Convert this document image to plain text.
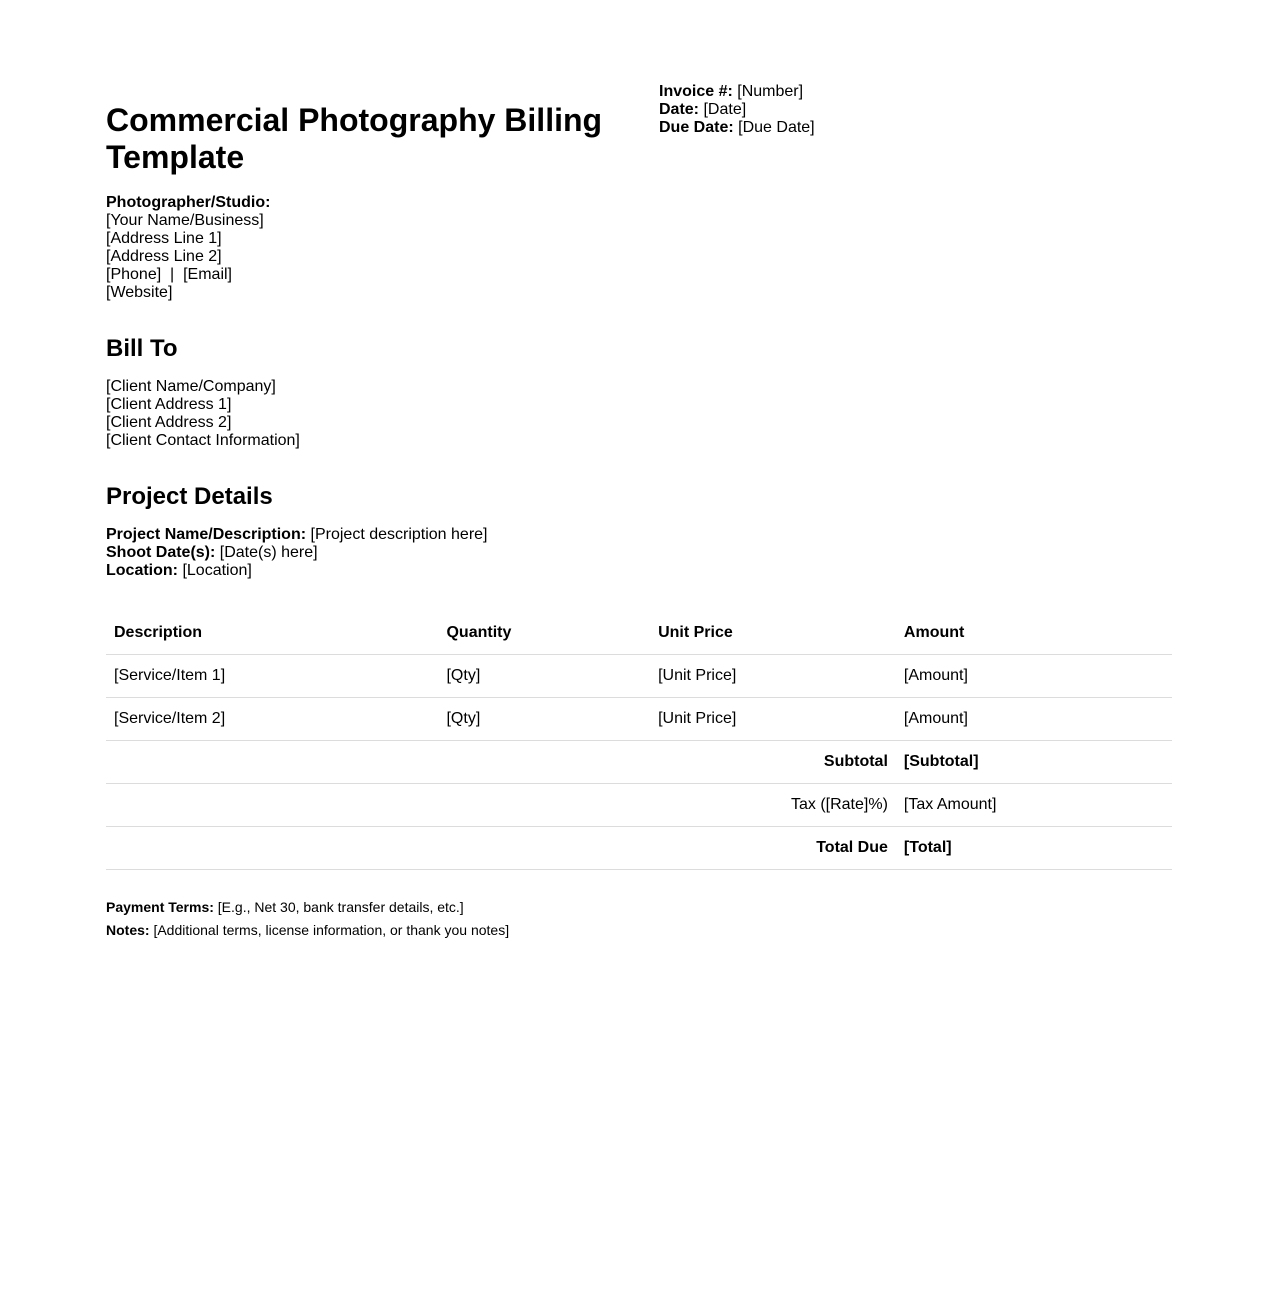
Commercial Photography Billing Template
Invoice #: [Number]
Date: [Date]
Due Date: [Due Date]
Photographer/Studio:
[Your Name/Business]
[Address Line 1]
[Address Line 2]
[Phone]  |  [Email]
[Website]
Bill To
[Client Name/Company]
[Client Address 1]
[Client Address 2]
[Client Contact Information]
Project Details
Project Name/Description: [Project description here]
Shoot Date(s): [Date(s) here]
Location: [Location]
Description	Quantity	Unit Price	Amount
[Service/Item 1]	[Qty]	[Unit Price]	[Amount]
[Service/Item 2]	[Qty]	[Unit Price]	[Amount]
Subtotal			[Subtotal]
Tax ([Rate]%)			[Tax Amount]
Total Due			[Total]
Payment Terms: [E.g., Net 30, bank transfer details, etc.]
Notes: [Additional terms, license information, or thank you notes]
